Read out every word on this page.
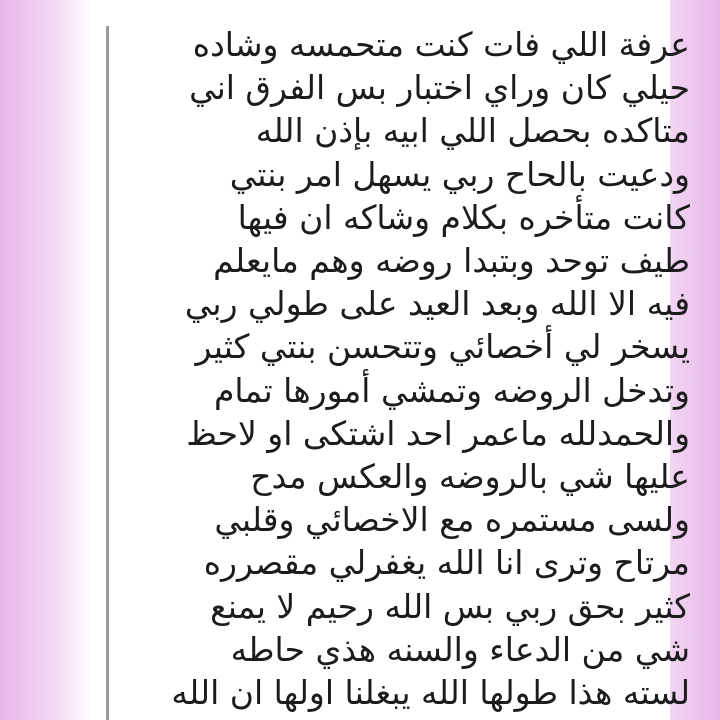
عرفة اللي فات كنت متحمسه وشاده
حيلي كان وراي اختبار بس الفرق اني
متاكده بحصل اللي ابيه بإذن الله
ودعيت بالحاح ربي يسهل امر بنتي
كانت متأخره بكلام وشاكه ان فيها
طيف توحد وبتبدا روضه وهم مايعلم
فيه الا الله وبعد العيد على طولي ربي
يسخر لي أخصائي وتتحسن بنتي كثير
وتدخل الروضه وتمشي أمورها تمام
والحمدلله ماعمر احد اشتكى او لاحظ
عليها شي بالروضه والعكس مدح
ولسى مستمره مع الاخصائي وقلبي
مرتاح وترى انا الله يغفرلي مقصرره
كثير بحق ربي بس الله رحيم لا يمنع
شي من الدعاء والسنه هذي حاطه
لسته هذا طولها الله يبغلنا اولها ان الله
